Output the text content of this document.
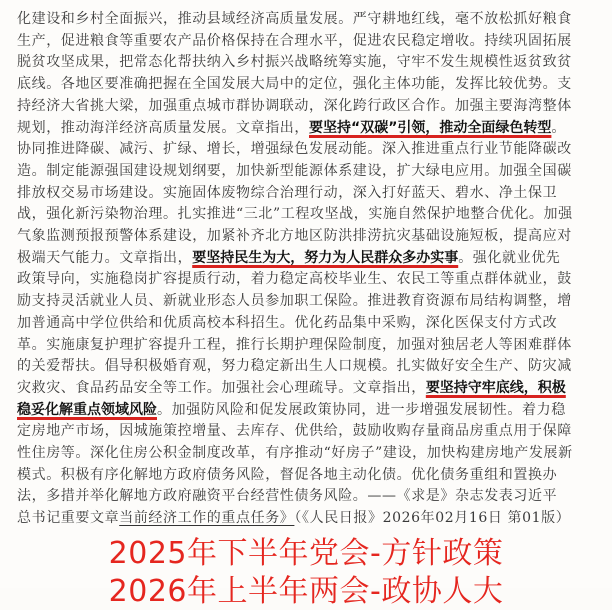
化建设和乡村全面振兴，推动县域经济高质量发展。严守耕地红线，毫不放松抓好粮食
生产，促进粮食等重要农产品价格保持在合理水平，促进农民稳定增收。持续巩固拓展
脱贫攻坚成果，把常态化帮扶纳入乡村振兴战略统筹实施，守牢不发生规模性返贫致贫
底线。各地区要准确把握在全国发展大局中的定位，强化主体功能，发挥比较优势。支
持经济大省挑大梁，加强重点城市群协调联动，深化跨行政区合作。加强主要海湾整体
规划，推动海洋经济高质量发展。文章指出，要坚持“双碳”引领，推动全面绿色转型。
协同推进降碳、减污、扩绿、增长，增强绿色发展动能。深入推进重点行业节能降碳改
造。制定能源强国建设规划纲要，加快新型能源体系建设，扩大绿电应用。加强全国碳
排放权交易市场建设。实施固体废物综合治理行动，深入打好蓝天、碧水、净土保卫
战，强化新污染物治理。扎实推进“三北”工程攻坚战，实施自然保护地整合优化。加强
气象监测预报预警体系建设，加紧补齐北方地区防洪排涝抗灾基础设施短板，提高应对
极端天气能力。文章指出，要坚持民生为大，努力为人民群众多办实事。强化就业优先
政策导向，实施稳岗扩容提质行动，着力稳定高校毕业生、农民工等重点群体就业，鼓
励支持灵活就业人员、新就业形态人员参加职工保险。推进教育资源布局结构调整，增
加普通高中学位供给和优质高校本科招生。优化药品集中采购，深化医保支付方式改
革。实施康复护理扩容提升工程，推行长期护理保险制度，加强对独居老人等困难群体
的关爱帮扶。倡导积极婚育观，努力稳定新出生人口规模。扎实做好安全生产、防灾减
灾救灾、食品药品安全等工作。加强社会心理疏导。文章指出，要坚持守牢底线，积极
稳妥化解重点领域风险。加强防风险和促发展政策协同，进一步增强发展韧性。着力稳
定房地产市场，因城施策控增量、去库存、优供给，鼓励收购存量商品房重点用于保障
性住房等。深化住房公积金制度改革，有序推动“好房子”建设，加快构建房地产发展新
模式。积极有序化解地方政府债务风险，督促各地主动化债。优化债务重组和置换办
法，多措并举化解地方政府融资平台经营性债务风险。——《求是》杂志发表习近平
总书记重要文章当前经济工作的重点任务》（《人民日报》2026年02月16日 第01版）
2025年下半年党会-方针政策
2026年上半年两会-政协人大
